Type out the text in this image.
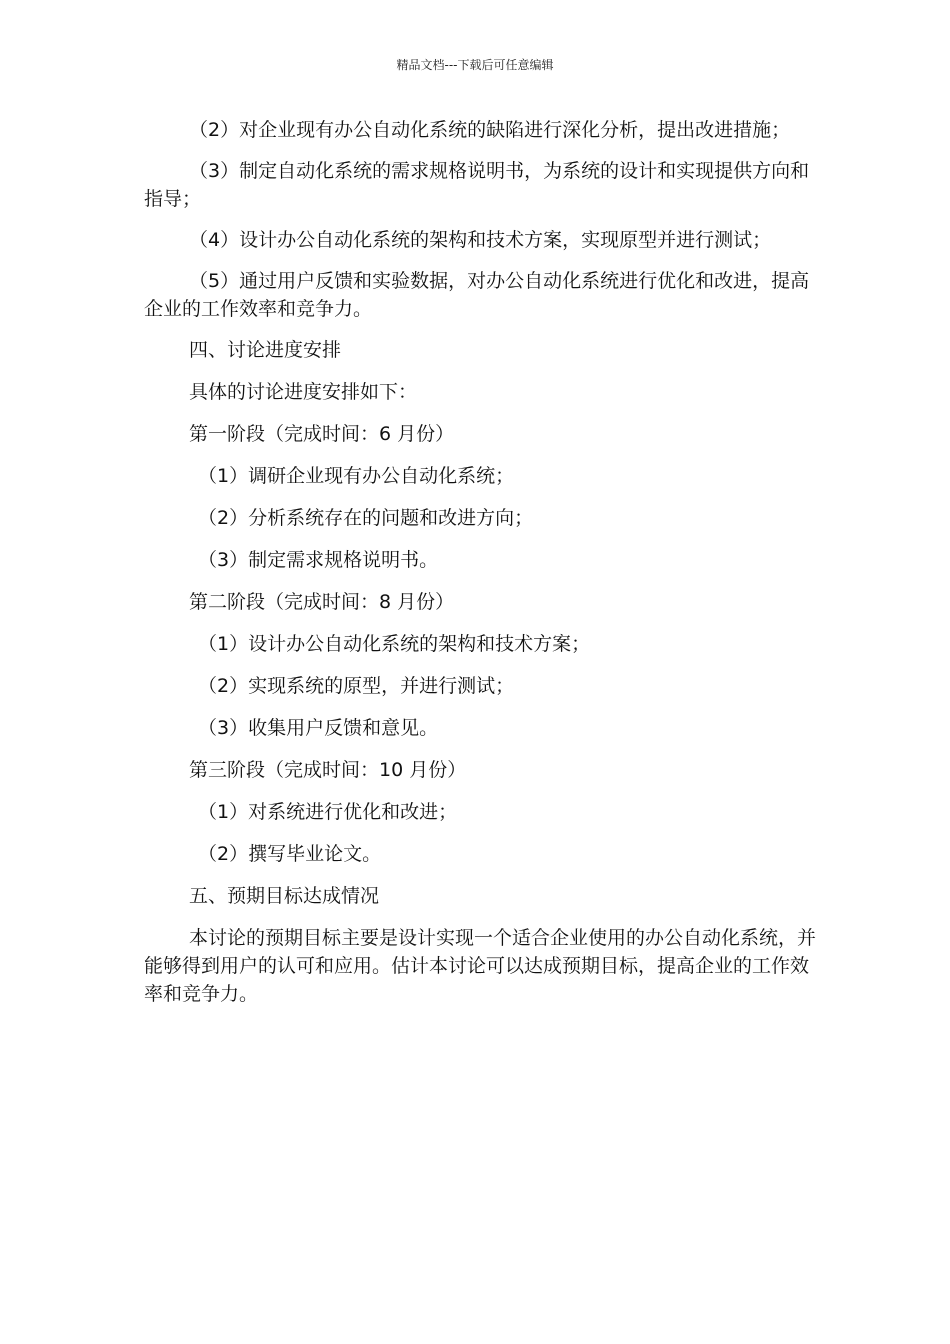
精品文档---下载后可任意编辑

（2）对企业现有办公自动化系统的缺陷进行深化分析，提出改进措施；

（3）制定自动化系统的需求规格说明书，为系统的设计和实现提供方向和指导；

（4）设计办公自动化系统的架构和技术方案，实现原型并进行测试；

（5）通过用户反馈和实验数据，对办公自动化系统进行优化和改进，提高企业的工作效率和竞争力。

四、讨论进度安排

具体的讨论进度安排如下：

第一阶段（完成时间：6 月份）

（1）调研企业现有办公自动化系统；

（2）分析系统存在的问题和改进方向；

（3）制定需求规格说明书。

第二阶段（完成时间：8 月份）

（1）设计办公自动化系统的架构和技术方案；

（2）实现系统的原型，并进行测试；

（3）收集用户反馈和意见。

第三阶段（完成时间：10 月份）

（1）对系统进行优化和改进；

（2）撰写毕业论文。

五、预期目标达成情况

本讨论的预期目标主要是设计实现一个适合企业使用的办公自动化系统，并能够得到用户的认可和应用。估计本讨论可以达成预期目标，提高企业的工作效率和竞争力。
